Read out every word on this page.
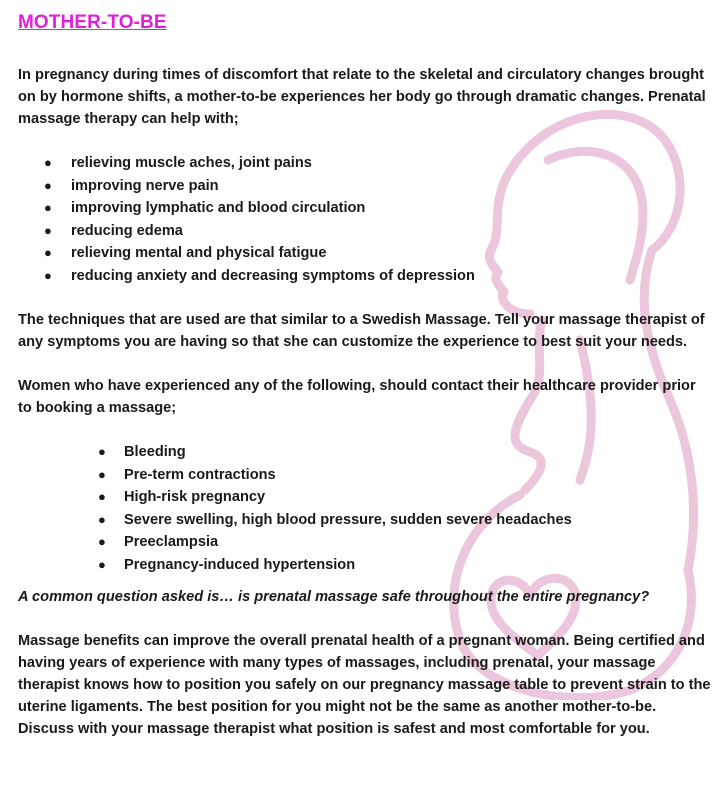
MOTHER-TO-BE

In pregnancy during times of discomfort that relate to the skeletal and circulatory changes brought on by hormone shifts, a mother-to-be experiences her body go through dramatic changes. Prenatal massage therapy can help with;

● relieving muscle aches, joint pains
● improving nerve pain
● improving lymphatic and blood circulation
● reducing edema
● relieving mental and physical fatigue
● reducing anxiety and decreasing symptoms of depression

The techniques that are used are that similar to a Swedish Massage. Tell your massage therapist of any symptoms you are having so that she can customize the experience to best suit your needs.

Women who have experienced any of the following, should contact their healthcare provider prior to booking a massage;

● Bleeding
● Pre-term contractions
● High-risk pregnancy
● Severe swelling, high blood pressure, sudden severe headaches
● Preeclampsia
● Pregnancy-induced hypertension

A common question asked is… is prenatal massage safe throughout the entire pregnancy?

Massage benefits can improve the overall prenatal health of a pregnant woman. Being certified and having years of experience with many types of massages, including prenatal, your massage therapist knows how to position you safely on our pregnancy massage table to prevent strain to the uterine ligaments. The best position for you might not be the same as another mother-to-be. Discuss with your massage therapist what position is safest and most comfortable for you.
